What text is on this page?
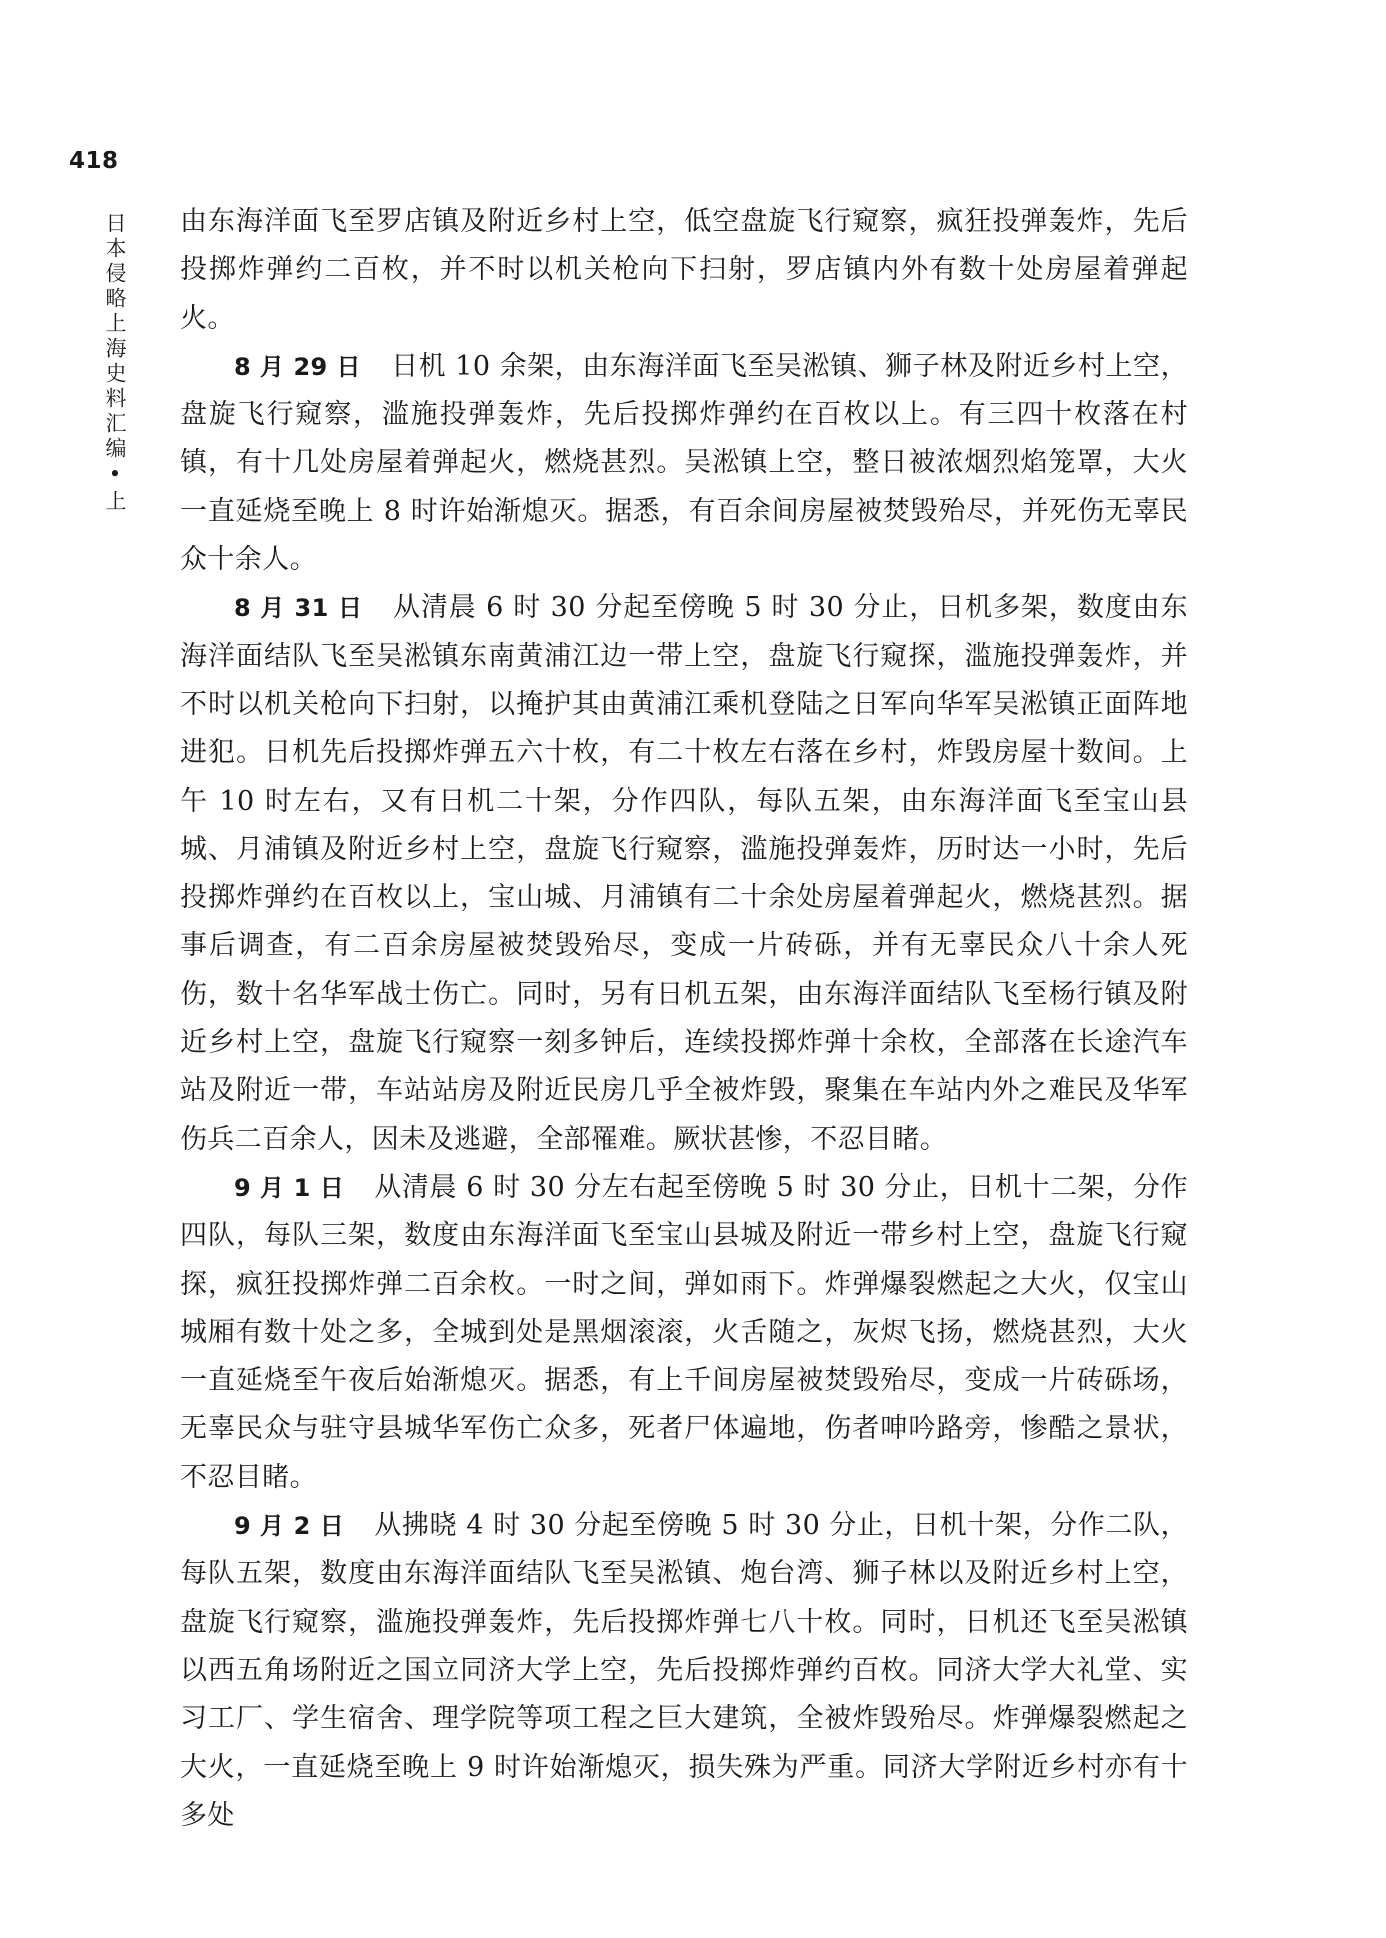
418
日本侵略上海史料汇编•上 由东海洋面飞至罗店镇及附近乡村上空，低空盘旋飞行窥察，疯狂投弹轰炸，先后投掷炸弹约二百枚，并不时以机关枪向下扫射，罗店镇内外有数十处房屋着弹起火。

8 月 29 日 日机 10 余架，由东海洋面飞至吴淞镇、狮子林及附近乡村上空，盘旋飞行窥察，滥施投弹轰炸，先后投掷炸弹约在百枚以上。有三四十枚落在村镇，有十几处房屋着弹起火，燃烧甚烈。吴淞镇上空，整日被浓烟烈焰笼罩，大火一直延烧至晚上 8 时许始渐熄灭。据悉，有百余间房屋被焚毁殆尽，并死伤无辜民众十余人。

8 月 31 日 从清晨 6 时 30 分起至傍晚 5 时 30 分止，日机多架，数度由东海洋面结队飞至吴淞镇东南黄浦江边一带上空，盘旋飞行窥探，滥施投弹轰炸，并不时以机关枪向下扫射，以掩护其由黄浦江乘机登陆之日军向华军吴淞镇正面阵地进犯。日机先后投掷炸弹五六十枚，有二十枚左右落在乡村，炸毁房屋十数间。上午 10 时左右，又有日机二十架，分作四队，每队五架，由东海洋面飞至宝山县城、月浦镇及附近乡村上空，盘旋飞行窥察，滥施投弹轰炸，历时达一小时，先后投掷炸弹约在百枚以上，宝山城、月浦镇有二十余处房屋着弹起火，燃烧甚烈。据事后调查，有二百余房屋被焚毁殆尽，变成一片砖砾，并有无辜民众八十余人死伤，数十名华军战士伤亡。同时，另有日机五架，由东海洋面结队飞至杨行镇及附近乡村上空，盘旋飞行窥察一刻多钟后，连续投掷炸弹十余枚，全部落在长途汽车站及附近一带，车站站房及附近民房几乎全被炸毁，聚集在车站内外之难民及华军伤兵二百余人，因未及逃避，全部罹难。厥状甚惨，不忍目睹。

9 月 1 日 从清晨 6 时 30 分左右起至傍晚 5 时 30 分止，日机十二架，分作四队，每队三架，数度由东海洋面飞至宝山县城及附近一带乡村上空，盘旋飞行窥探，疯狂投掷炸弹二百余枚。一时之间，弹如雨下。炸弹爆裂燃起之大火，仅宝山城厢有数十处之多，全城到处是黑烟滚滚，火舌随之，灰烬飞扬，燃烧甚烈，大火一直延烧至午夜后始渐熄灭。据悉，有上千间房屋被焚毁殆尽，变成一片砖砾场，无辜民众与驻守县城华军伤亡众多，死者尸体遍地，伤者呻吟路旁，惨酷之景状，不忍目睹。

9 月 2 日 从拂晓 4 时 30 分起至傍晚 5 时 30 分止，日机十架，分作二队，每队五架，数度由东海洋面结队飞至吴淞镇、炮台湾、狮子林以及附近乡村上空，盘旋飞行窥察，滥施投弹轰炸，先后投掷炸弹七八十枚。同时，日机还飞至吴淞镇以西五角场附近之国立同济大学上空，先后投掷炸弹约百枚。同济大学大礼堂、实习工厂、学生宿舍、理学院等项工程之巨大建筑，全被炸毁殆尽。炸弹爆裂燃起之大火，一直延烧至晚上 9 时许始渐熄灭，损失殊为严重。同济大学附近乡村亦有十多处
